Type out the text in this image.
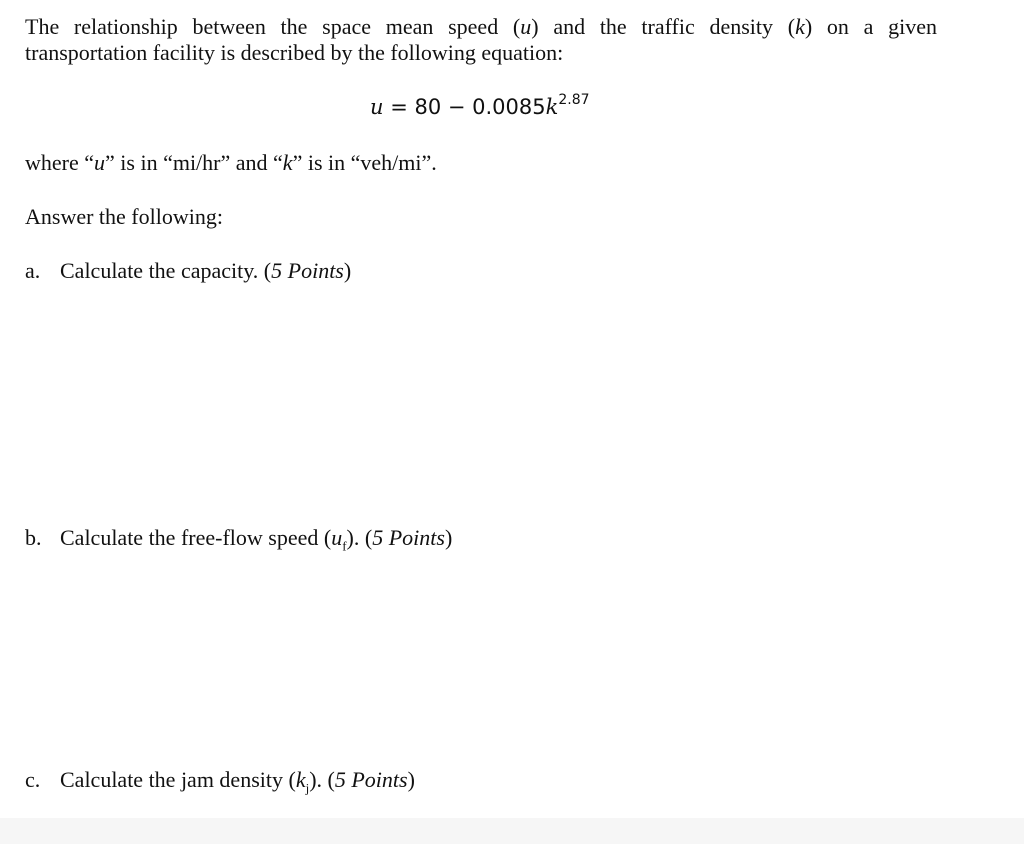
The relationship between the space mean speed (u) and the traffic density (k) on a given
transportation facility is described by the following equation:

$u = 80 - 0.0085k^{2.87}$

where “u” is in “mi/hr” and “k” is in “veh/mi”.

Answer the following:

a. Calculate the capacity. (5 Points)
b. Calculate the free-flow speed $(u_f)$. (5 Points)
c. Calculate the jam density $(k_j)$. (5 Points)
